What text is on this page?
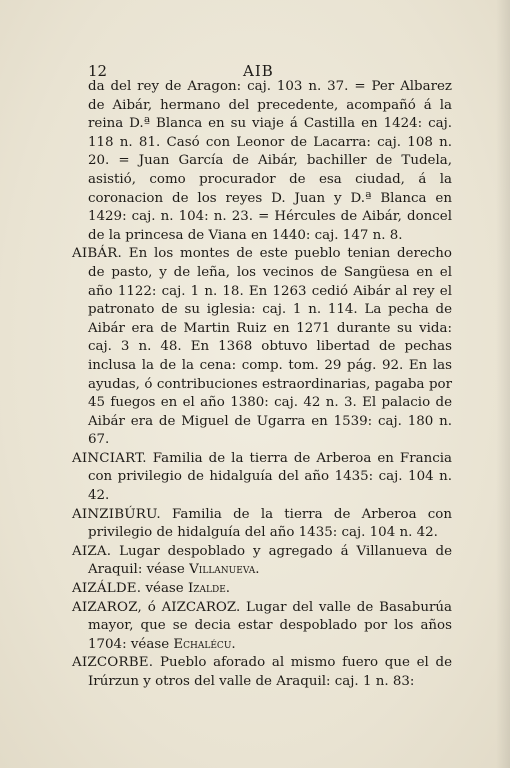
12	AIB

da del rey de Aragon: caj. 103 n. 37. = Per Albarez de Aibár, hermano del precedente, acompañó á la reina D.ª Blanca en su viaje á Castilla en 1424: caj. 118 n. 81. Casó con Leonor de Lacarra: caj. 108 n. 20. = Juan García de Aibár, bachiller de Tudela, asistió, como procurador de esa ciudad, á la coronacion de los reyes D. Juan y D.ª Blanca en 1429: caj. n. 104: n. 23. = Hércules de Aibár, doncel de la princesa de Viana en 1440: caj. 147 n. 8.

AIBÁR. En los montes de este pueblo tenian derecho de pasto, y de leña, los vecinos de Sangüesa en el año 1122: caj. 1 n. 18. En 1263 cedió Aibár al rey el patronato de su iglesia: caj. 1 n. 114. La pecha de Aibár era de Martin Ruiz en 1271 durante su vida: caj. 3 n. 48. En 1368 obtuvo libertad de pechas inclusa la de la cena: comp. tom. 29 pág. 92. En las ayudas, ó contribuciones estraordinarias, pagaba por 45 fuegos en el año 1380: caj. 42 n. 3. El palacio de Aibár era de Miguel de Ugarra en 1539: caj. 180 n. 67.

AINCIART. Familia de la tierra de Arberoa en Francia con privilegio de hidalguía del año 1435: caj. 104 n. 42.

AINZIBÚRU. Familia de la tierra de Arberoa con privilegio de hidalguía del año 1435: caj. 104 n. 42.

AIZA. Lugar despoblado y agregado á Villanueva de Araquil: véase Villanueva.

AIZÁLDE. véase Izalde.

AIZAROZ, ó AIZCAROZ. Lugar del valle de Basaburúa mayor, que se decia estar despoblado por los años 1704: véase Echalécu.

AIZCORBE. Pueblo aforado al mismo fuero que el de Irúrzun y otros del valle de Araquil: caj. 1 n. 83:
